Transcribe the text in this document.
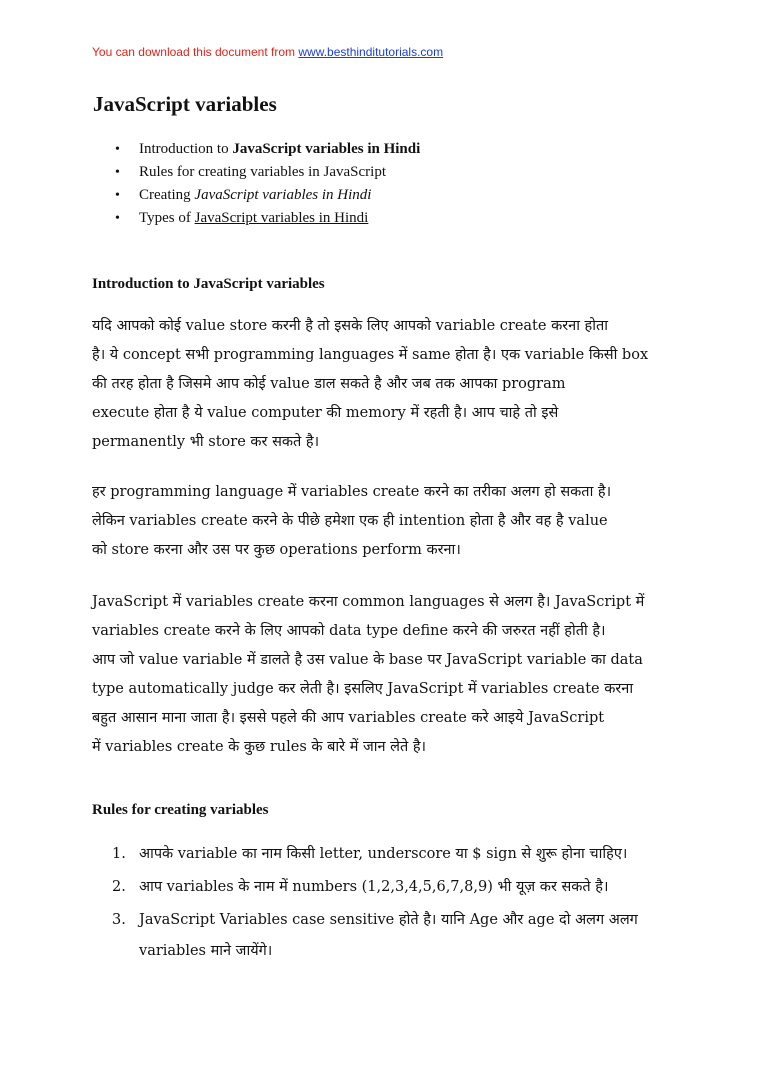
You can download this document from www.besthinditutorials.com
JavaScript variables
• Introduction to JavaScript variables in Hindi
• Rules for creating variables in JavaScript
• Creating JavaScript variables in Hindi
• Types of JavaScript variables in Hindi
Introduction to JavaScript variables

यदि आपको कोई value store करनी है तो इसके लिए आपको variable create करना होता
है। ये concept सभी programming languages में same होता है। एक variable किसी box
की तरह होता है जिसमे आप कोई value डाल सकते है और जब तक आपका program
execute होता है ये value computer की memory में रहती है। आप चाहे तो इसे
permanently भी store कर सकते है।

हर programming language में variables create करने का तरीका अलग हो सकता है।
लेकिन variables create करने के पीछे हमेशा एक ही intention होता है और वह है value
को store करना और उस पर कुछ operations perform करना।

JavaScript में variables create करना common languages से अलग है। JavaScript में
variables create करने के लिए आपको data type define करने की जरुरत नहीं होती है।
आप जो value variable में डालते है उस value के base पर JavaScript variable का data
type automatically judge कर लेती है। इसलिए JavaScript में variables create करना
बहुत आसान माना जाता है। इससे पहले की आप variables create करे आइये JavaScript
में variables create के कुछ rules के बारे में जान लेते है।

Rules for creating variables
1. आपके variable का नाम किसी letter, underscore या $ sign से शुरू होना चाहिए।
2. आप variables के नाम में numbers (1,2,3,4,5,6,7,8,9) भी यूज़ कर सकते है।
3. JavaScript Variables case sensitive होते है। यानि Age और age दो अलग अलग
variables माने जायेंगे।
